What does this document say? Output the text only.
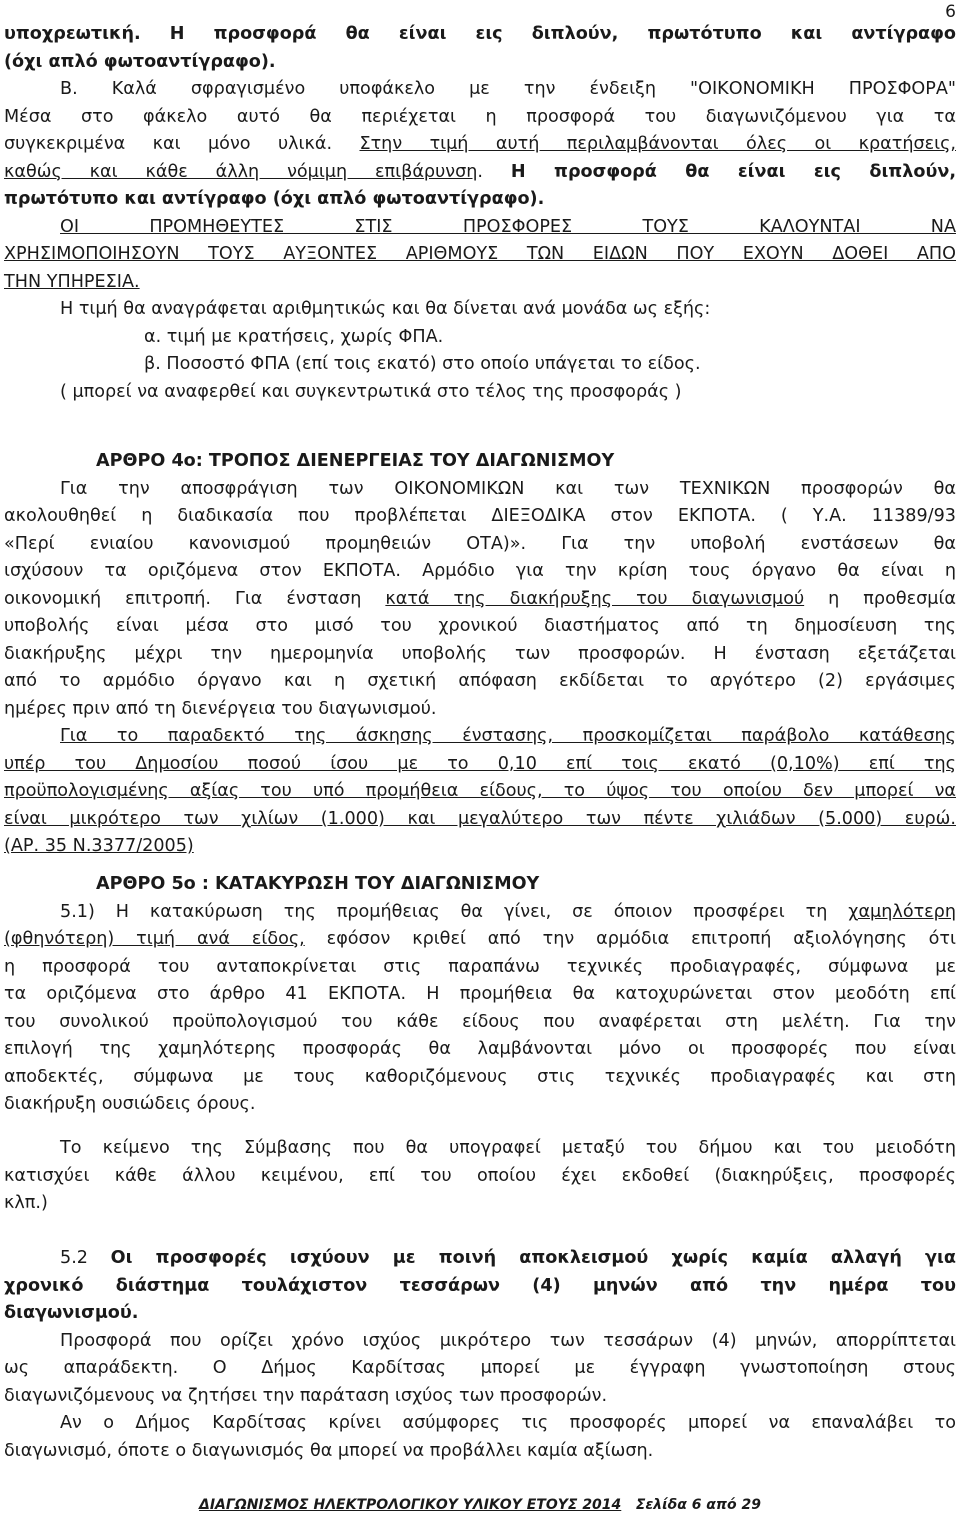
6

υποχρεωτική. Η προσφορά θα είναι εις διπλούν, πρωτότυπο και αντίγραφο

(όχι απλό φωτοαντίγραφο).

Β. Καλά σφραγισμένο υποφάκελο με την ένδειξη "ΟΙΚΟΝΟΜΙΚΗ ΠΡΟΣΦΟΡΑ"

Μέσα στο φάκελο αυτό θα περιέχεται η προσφορά του διαγωνιζόμενου για τα

συγκεκριμένα και μόνο υλικά. Στην τιμή αυτή περιλαμβάνονται όλες οι κρατήσεις,

καθώς και κάθε άλλη νόμιμη επιβάρυνση. Η προσφορά θα είναι εις διπλούν,

πρωτότυπο και αντίγραφο (όχι απλό φωτοαντίγραφο).

ΟΙ ΠΡΟΜΗΘΕΥΤΕΣ ΣΤΙΣ ΠΡΟΣΦΟΡΕΣ ΤΟΥΣ ΚΑΛΟΥΝΤΑΙ ΝΑ

ΧΡΗΣΙΜΟΠΟΙΗΣΟΥΝ ΤΟΥΣ ΑΥΞΟΝΤΕΣ ΑΡΙΘΜΟΥΣ ΤΩΝ ΕΙΔΩΝ ΠΟΥ ΕΧΟΥΝ ΔΟΘΕΙ ΑΠΟ

ΤΗΝ ΥΠΗΡΕΣΙΑ.

Η τιμή θα αναγράφεται αριθμητικώς και θα δίνεται ανά μονάδα ως εξής:

α. τιμή με κρατήσεις, χωρίς ΦΠΑ.

β. Ποσοστό ΦΠΑ (επί τοις εκατό) στο οποίο υπάγεται το είδος.

( μπορεί να αναφερθεί και συγκεντρωτικά στο τέλος της προσφοράς )

ΑΡΘΡΟ 4ο: ΤΡΟΠΟΣ ΔΙΕΝΕΡΓΕΙΑΣ ΤΟΥ ΔΙΑΓΩΝΙΣΜΟΥ

Για την αποσφράγιση των ΟΙΚΟΝΟΜΙΚΩΝ και των ΤΕΧΝΙΚΩΝ προσφορών θα

ακολουθηθεί η διαδικασία που προβλέπεται ΔΙΕΞΟΔΙΚΑ στον ΕΚΠΟΤΑ. ( Υ.Α. 11389/93

«Περί ενιαίου κανονισμού προμηθειών ΟΤΑ)». Για την υποβολή ενστάσεων θα

ισχύσουν τα οριζόμενα στον ΕΚΠΟΤΑ. Αρμόδιο για την κρίση τους όργανο θα είναι η

οικονομική επιτροπή. Για ένσταση κατά της διακήρυξης του διαγωνισμού η προθεσμία

υποβολής είναι μέσα στο μισό του χρονικού διαστήματος από τη δημοσίευση της

διακήρυξης μέχρι την ημερομηνία υποβολής των προσφορών. Η ένσταση εξετάζεται

από το αρμόδιο όργανο και η σχετική απόφαση εκδίδεται το αργότερο (2) εργάσιμες

ημέρες πριν από τη διενέργεια του διαγωνισμού.

Για το παραδεκτό της άσκησης ένστασης, προσκομίζεται παράβολο κατάθεσης

υπέρ του Δημοσίου ποσού ίσου με το 0,10 επί τοις εκατό (0,10%) επί της

προϋπολογισμένης αξίας του υπό προμήθεια είδους, το ύψος του οποίου δεν μπορεί να

είναι μικρότερο των χιλίων (1.000) και μεγαλύτερο των πέντε χιλιάδων (5.000) ευρώ.

(ΑΡ. 35 Ν.3377/2005)

ΑΡΘΡΟ 5ο : ΚΑΤΑΚΥΡΩΣΗ ΤΟΥ ΔΙΑΓΩΝΙΣΜΟΥ

5.1) Η κατακύρωση της προμήθειας θα γίνει, σε όποιον προσφέρει τη χαμηλότερη

(φθηνότερη) τιμή ανά είδος, εφόσον κριθεί από την αρμόδια επιτροπή αξιολόγησης ότι

η προσφορά του ανταποκρίνεται στις παραπάνω τεχνικές προδιαγραφές, σύμφωνα με

τα οριζόμενα στο άρθρο 41 ΕΚΠΟΤΑ. Η προμήθεια θα κατοχυρώνεται στον μεοδότη επί

του συνολικού προϋπολογισμού του κάθε είδους που αναφέρεται στη μελέτη. Για την

επιλογή της χαμηλότερης προσφοράς θα λαμβάνονται μόνο οι προσφορές που είναι

αποδεκτές, σύμφωνα με τους καθοριζόμενους στις τεχνικές προδιαγραφές και στη

διακήρυξη ουσιώδεις όρους.

Το κείμενο της Σύμβασης που θα υπογραφεί μεταξύ του δήμου και του μειοδότη

κατισχύει κάθε άλλου κειμένου, επί του οποίου έχει εκδοθεί (διακηρύξεις, προσφορές

κλπ.)

5.2 Οι προσφορές ισχύουν με ποινή αποκλεισμού χωρίς καμία αλλαγή για

χρονικό διάστημα τουλάχιστον τεσσάρων (4) μηνών από την ημέρα του

διαγωνισμού.

Προσφορά που ορίζει χρόνο ισχύος μικρότερο των τεσσάρων (4) μηνών, απορρίπτεται

ως απαράδεκτη. Ο Δήμος Καρδίτσας μπορεί με έγγραφη γνωστοποίηση στους

διαγωνιζόμενους να ζητήσει την παράταση ισχύος των προσφορών.

Αν ο Δήμος Καρδίτσας κρίνει ασύμφορες τις προσφορές μπορεί να επαναλάβει το

διαγωνισμό, όποτε ο διαγωνισμός θα μπορεί να προβάλλει καμία αξίωση.

ΔΙΑΓΩΝΙΣΜΟΣ ΗΛΕΚΤΡΟΛΟΓΙΚΟΥ ΥΛΙΚΟΥ ΕΤΟΥΣ 2014 Σελίδα 6 από 29
